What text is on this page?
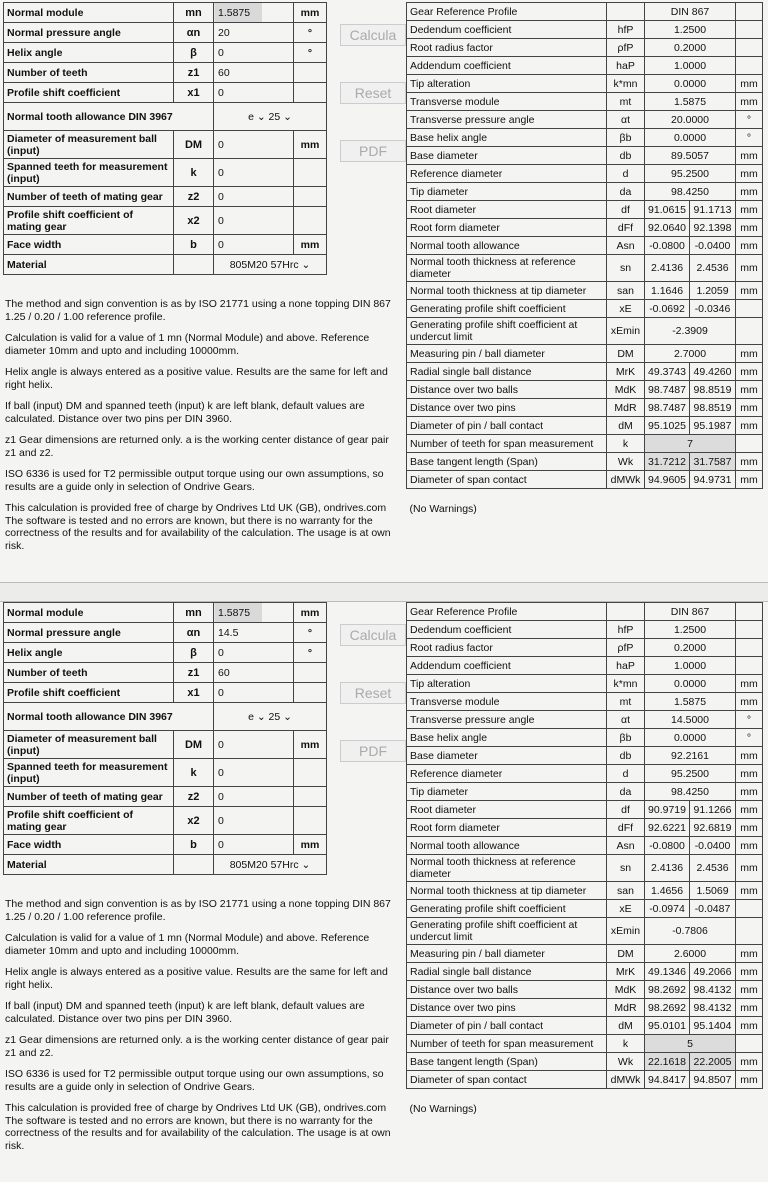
Normal module	mn	1.5875	mm
Normal pressure angle	αn	20	°
Helix angle	β	0	°
Number of teeth	z1	60	
Profile shift coefficient	x1	0	
Normal tooth allowance DIN 3967		e ⌄ 25 ⌄	
Diameter of measurement ball (input)	DM	0	mm
Spanned teeth for measurement (input)	k	0	
Number of teeth of mating gear	z2	0	
Profile shift coefficient of mating gear	x2	0	
Face width	b	0	mm
Material		805M20 57Hrc ⌄	
Calcula
Reset
PDF

The method and sign convention is as by ISO 21771 using a none topping DIN 867 1.25 / 0.20 / 1.00 reference profile.

Calculation is valid for a value of 1 mn (Normal Module) and above. Reference diameter 10mm and upto and including 10000mm.

Helix angle is always entered as a positive value. Results are the same for left and right helix.

If ball (input) DM and spanned teeth (input) k are left blank, default values are calculated. Distance over two pins per DIN 3960.

z1 Gear dimensions are returned only. a is the working center distance of gear pair z1 and z2.

ISO 6336 is used for T2 permissible output torque using our own assumptions, so results are a guide only in selection of Ondrive Gears.

This calculation is provided free of charge by Ondrives Ltd UK (GB), ondrives.com The software is tested and no errors are known, but there is no warranty for the correctness of the results and for availability of the calculation. The usage is at own risk.

Gear Reference Profile		DIN 867		
Dedendum coefficient	hfP	1.2500		
Root radius factor	ρfP	0.2000		
Addendum coefficient	haP	1.0000		
Tip alteration	k*mn	0.0000		mm
Transverse module	mt	1.5875		mm
Transverse pressure angle	αt	20.0000		°
Base helix angle	βb	0.0000		°
Base diameter	db	89.5057		mm
Reference diameter	d	95.2500		mm
Tip diameter	da	98.4250		mm
Root diameter	df	91.0615	91.1713	mm
Root form diameter	dFf	92.0640	92.1398	mm
Normal tooth allowance	Asn	-0.0800	-0.0400	mm
Normal tooth thickness at reference diameter	sn	2.4136	2.4536	mm
Normal tooth thickness at tip diameter	san	1.1646	1.2059	mm
Generating profile shift coefficient	xE	-0.0692	-0.0346	
Generating profile shift coefficient at undercut limit	xEmin	-2.3909		
Measuring pin / ball diameter	DM	2.7000		mm
Radial single ball distance	MrK	49.3743	49.4260	mm
Distance over two balls	MdK	98.7487	98.8519	mm
Distance over two pins	MdR	98.7487	98.8519	mm
Diameter of pin / ball contact	dM	95.1025	95.1987	mm
Number of teeth for span measurement	k	7		
Base tangent length (Span)	Wk	31.7212	31.7587	mm
Diameter of span contact	dMWk	94.9605	94.9731	mm
(No Warnings)				
Normal module	mn	1.5875	mm
Normal pressure angle	αn	14.5	°
Helix angle	β	0	°
Number of teeth	z1	60	
Profile shift coefficient	x1	0	
Normal tooth allowance DIN 3967		e ⌄ 25 ⌄	
Diameter of measurement ball (input)	DM	0	mm
Spanned teeth for measurement (input)	k	0	
Number of teeth of mating gear	z2	0	
Profile shift coefficient of mating gear	x2	0	
Face width	b	0	mm
Material		805M20 57Hrc ⌄	
Calcula
Reset
PDF

The method and sign convention is as by ISO 21771 using a none topping DIN 867 1.25 / 0.20 / 1.00 reference profile.

Calculation is valid for a value of 1 mn (Normal Module) and above. Reference diameter 10mm and upto and including 10000mm.

Helix angle is always entered as a positive value. Results are the same for left and right helix.

If ball (input) DM and spanned teeth (input) k are left blank, default values are calculated. Distance over two pins per DIN 3960.

z1 Gear dimensions are returned only. a is the working center distance of gear pair z1 and z2.

ISO 6336 is used for T2 permissible output torque using our own assumptions, so results are a guide only in selection of Ondrive Gears.

This calculation is provided free of charge by Ondrives Ltd UK (GB), ondrives.com The software is tested and no errors are known, but there is no warranty for the correctness of the results and for availability of the calculation. The usage is at own risk.

Gear Reference Profile		DIN 867		
Dedendum coefficient	hfP	1.2500		
Root radius factor	ρfP	0.2000		
Addendum coefficient	haP	1.0000		
Tip alteration	k*mn	0.0000		mm
Transverse module	mt	1.5875		mm
Transverse pressure angle	αt	14.5000		°
Base helix angle	βb	0.0000		°
Base diameter	db	92.2161		mm
Reference diameter	d	95.2500		mm
Tip diameter	da	98.4250		mm
Root diameter	df	90.9719	91.1266	mm
Root form diameter	dFf	92.6221	92.6819	mm
Normal tooth allowance	Asn	-0.0800	-0.0400	mm
Normal tooth thickness at reference diameter	sn	2.4136	2.4536	mm
Normal tooth thickness at tip diameter	san	1.4656	1.5069	mm
Generating profile shift coefficient	xE	-0.0974	-0.0487	
Generating profile shift coefficient at undercut limit	xEmin	-0.7806		
Measuring pin / ball diameter	DM	2.6000		mm
Radial single ball distance	MrK	49.1346	49.2066	mm
Distance over two balls	MdK	98.2692	98.4132	mm
Distance over two pins	MdR	98.2692	98.4132	mm
Diameter of pin / ball contact	dM	95.0101	95.1404	mm
Number of teeth for span measurement	k	5		
Base tangent length (Span)	Wk	22.1618	22.2005	mm
Diameter of span contact	dMWk	94.8417	94.8507	mm
(No Warnings)				
